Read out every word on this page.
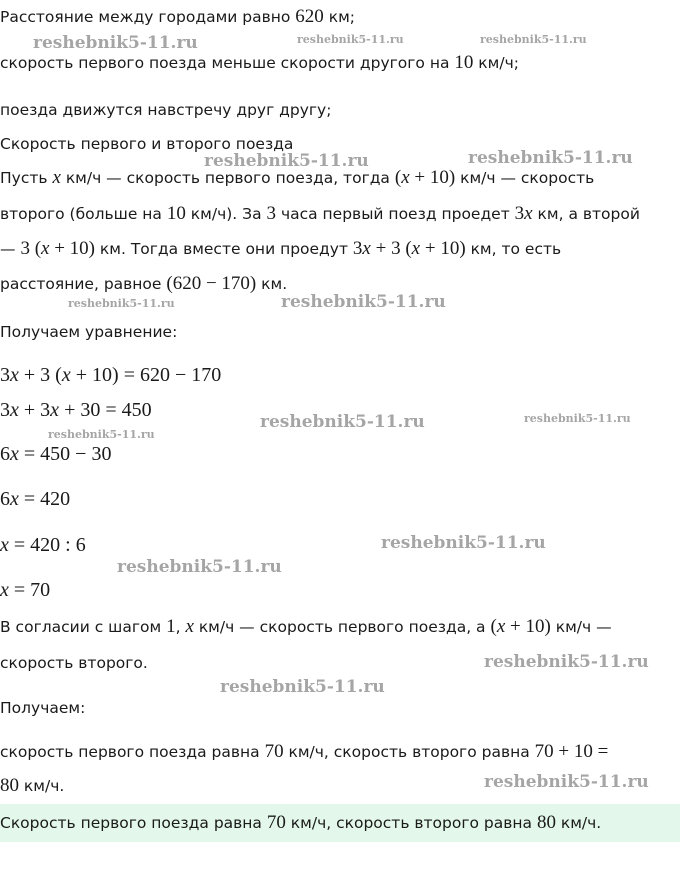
Расстояние между городами равно 620 км;
скорость первого поезда меньше скорости другого на 10 км/ч;
поезда движутся навстречу друг другу;
Скорость первого и второго поезда
Пусть x км/ч — скорость первого поезда, тогда (x + 10) км/ч — скорость
второго (больше на 10 км/ч). За 3 часа первый поезд проедет 3x км, а второй
— 3 (x + 10) км. Тогда вместе они проедут 3x + 3 (x + 10) км, то есть
расстояние, равное (620 − 170) км.
Получаем уравнение:
3x + 3 (x + 10) = 620 − 170
3x + 3x + 30 = 450
6x = 450 − 30
6x = 420
x = 420 : 6
x = 70
В согласии с шагом 1, x км/ч — скорость первого поезда, а (x + 10) км/ч —
скорость второго.
Получаем:
скорость первого поезда равна 70 км/ч, скорость второго равна 70 + 10 =
80 км/ч.
Скорость первого поезда равна 70 км/ч, скорость второго равна 80 км/ч.
reshebnik5-11.ru	reshebnik5-11.ru	reshebnik5-11.ru
reshebnik5-11.ru	reshebnik5-11.ru
reshebnik5-11.ru	reshebnik5-11.ru
reshebnik5-11.ru	reshebnik5-11.ru
reshebnik5-11.ru
reshebnik5-11.ru
reshebnik5-11.ru
reshebnik5-11.ru
reshebnik5-11.ru
reshebnik5-11.ru
